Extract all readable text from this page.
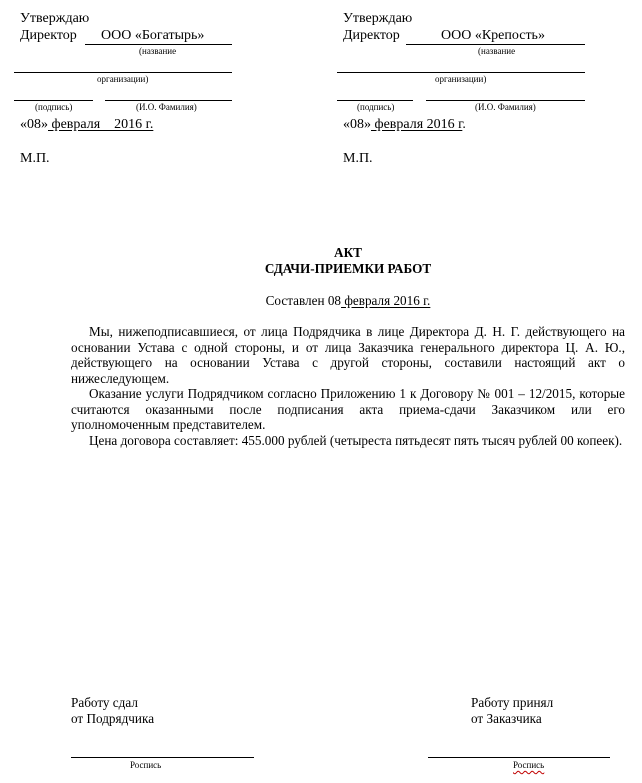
Утверждаю
Директор ООО «Богатырь»
(название
организации)
(подпись)	(И.О. Фамилия)
«08» февраля    2016 г.
М.П.
Утверждаю
Директор	ООО «Крепость»
(название
организации)
(подпись)	(И.О. Фамилия)
«08» февраля 2016 г.
М.П.
АКТ
СДАЧИ-ПРИЕМКИ РАБОТ
Составлен 08 февраля 2016 г.

Мы, нижеподписавшиеся, от лица Подрядчика в лице Директора Д. Н. Г. действующего на основании Устава с одной стороны, и от лица Заказчика генерального директора Ц. А. Ю., действующего на основании Устава с другой стороны, составили настоящий акт о нижеследующем.

Оказание услуги Подрядчиком согласно Приложению 1 к Договору № 001 – 12/2015, которые считаются оказанными после подписания акта приема-сдачи Заказчиком или его уполномоченным представителем.

Цена договора составляет: 455.000 рублей (четыреста пятьдесят пять тысяч рублей 00 копеек).

Работу сдал
от Подрядчика
Роспись
Работу принял
от Заказчика
Роспись
